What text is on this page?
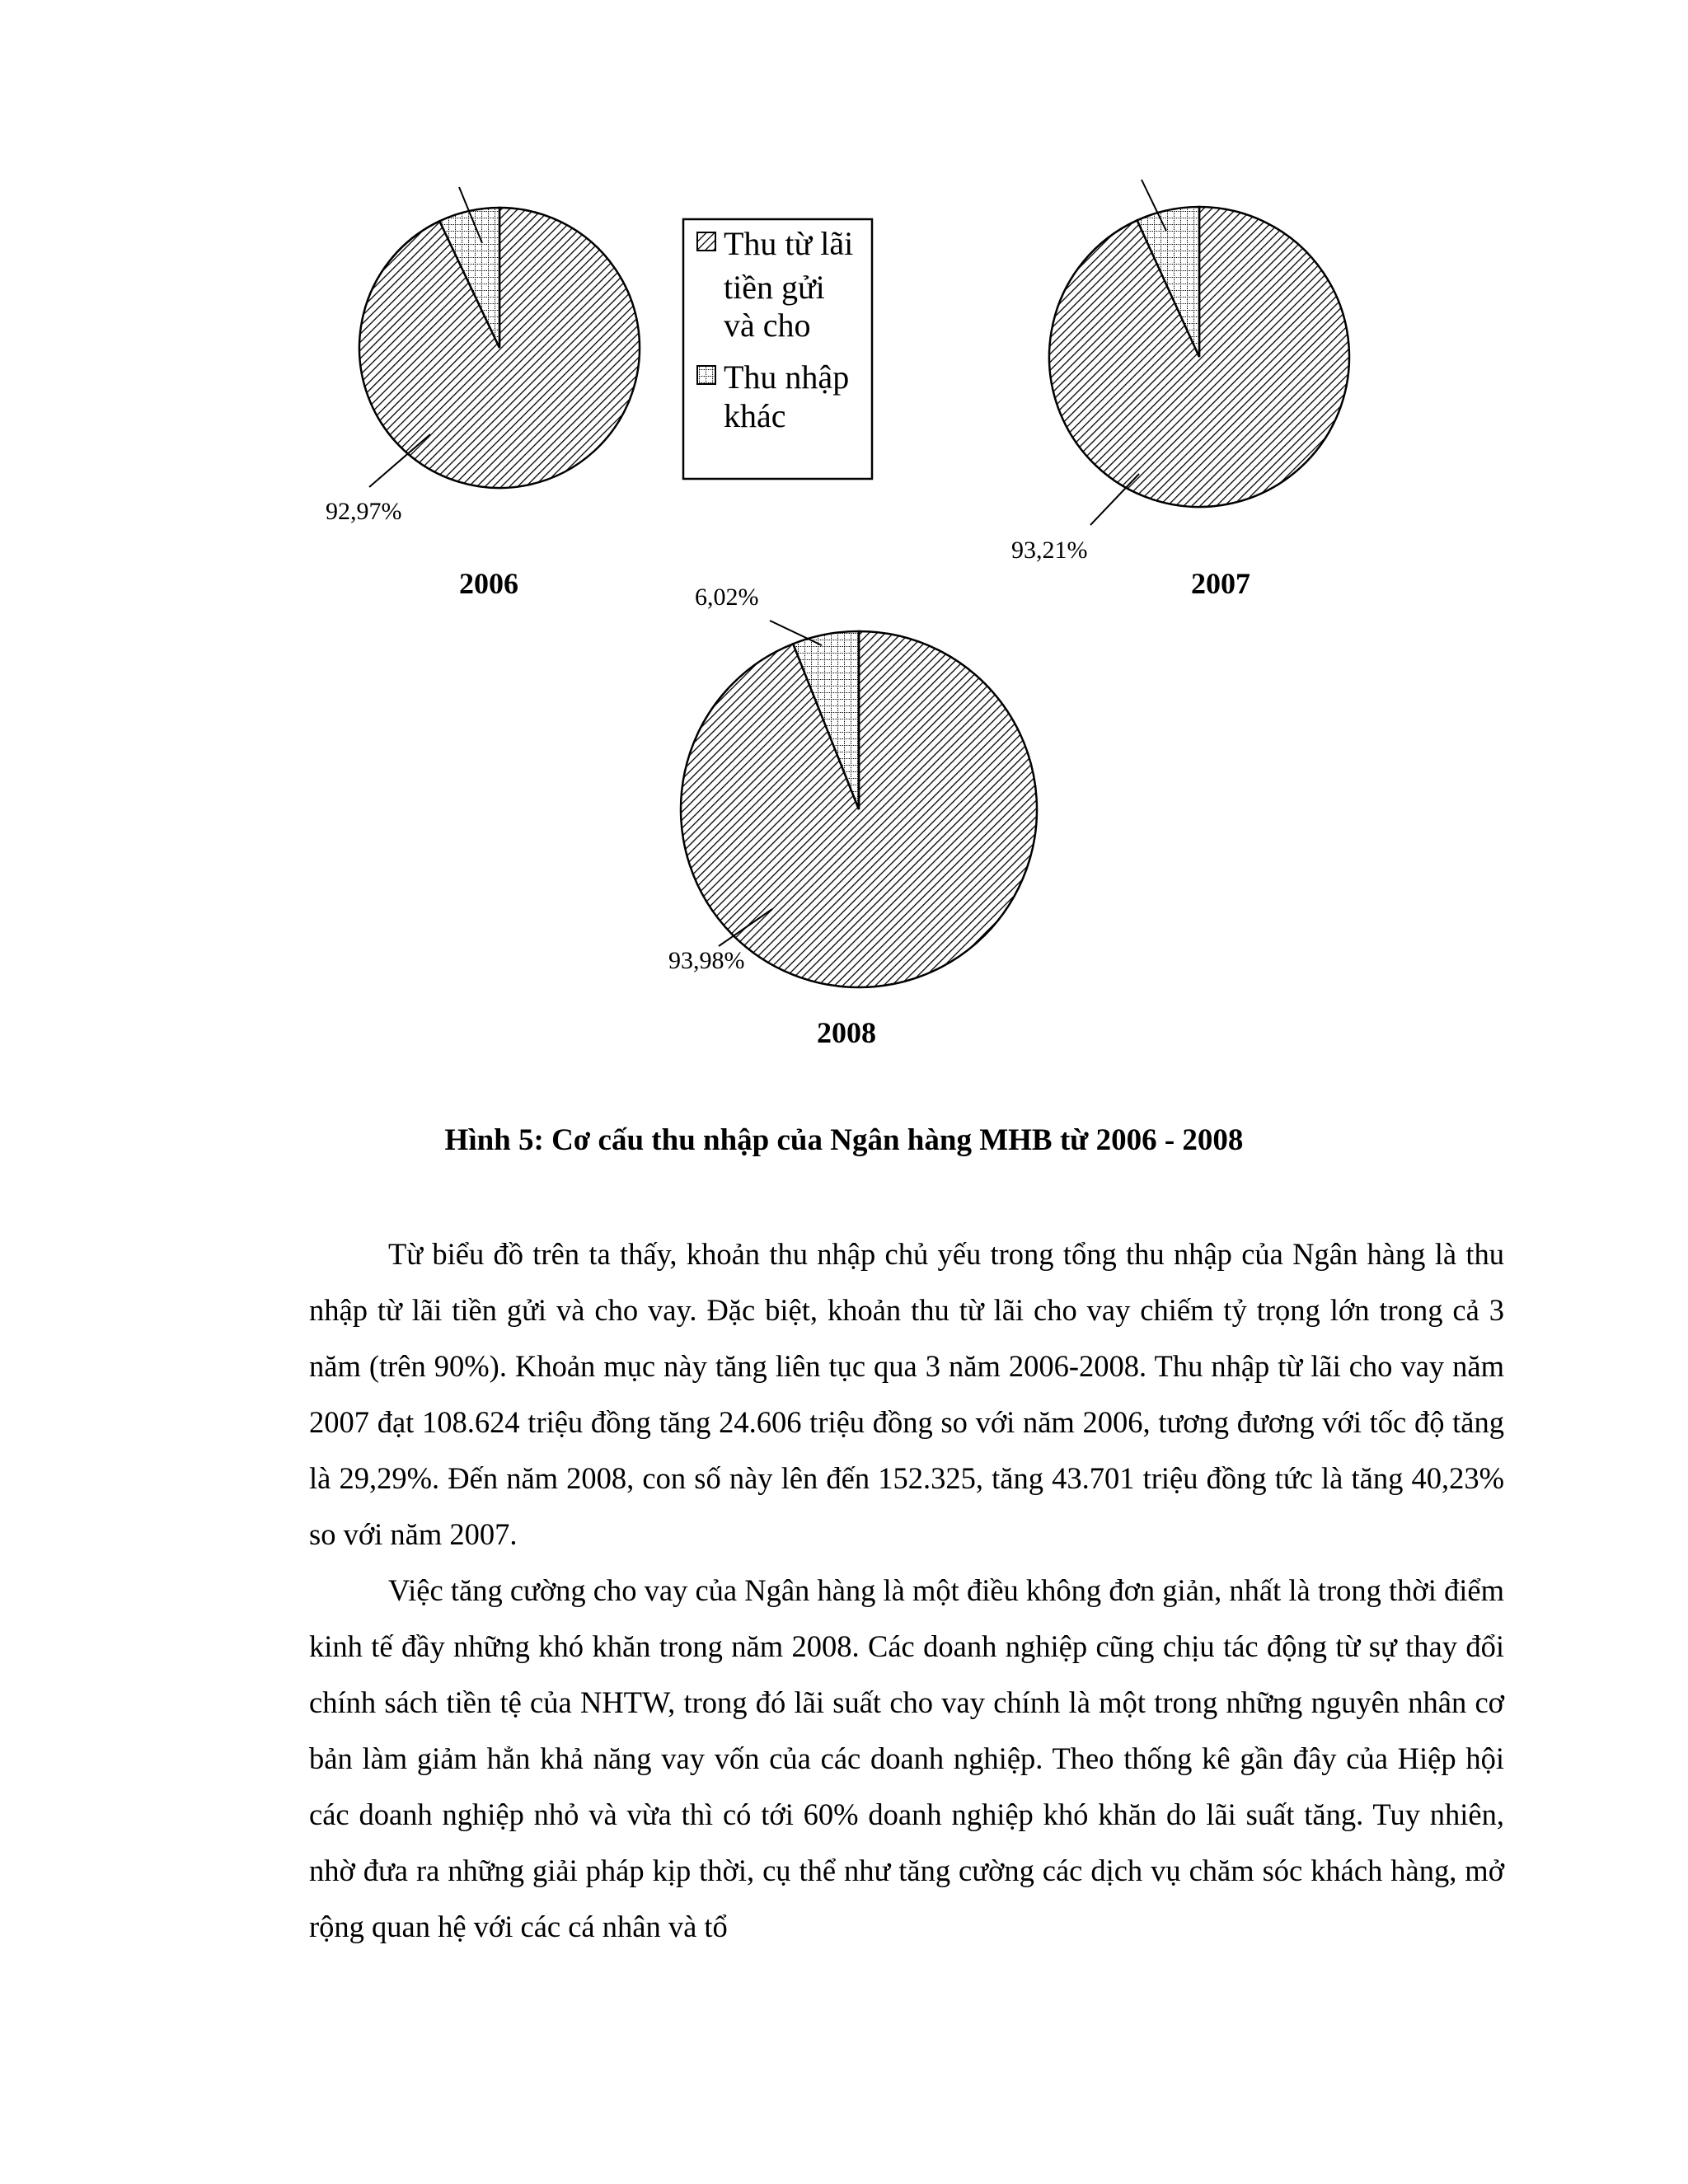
92,97%
2006
93,21%
2007
93,98%
6,02%
2008
Thu từ lãi
tiền gửi
và cho
Thu nhập
khác
Hình 5: Cơ cấu thu nhập của Ngân hàng MHB từ 2006 - 2008

Từ biểu đồ trên ta thấy, khoản thu nhập chủ yếu trong tổng thu nhập của Ngân hàng là thu nhập từ lãi tiền gửi và cho vay. Đặc biệt, khoản thu từ lãi cho vay chiếm tỷ trọng lớn trong cả 3 năm (trên 90%). Khoản mục này tăng liên tục qua 3 năm 2006-2008. Thu nhập từ lãi cho vay năm 2007 đạt 108.624 triệu đồng tăng 24.606 triệu đồng so với năm 2006, tương đương với tốc độ tăng là 29,29%. Đến năm 2008, con số này lên đến 152.325, tăng 43.701 triệu đồng tức là tăng 40,23% so với năm 2007.

Việc tăng cường cho vay của Ngân hàng là một điều không đơn giản, nhất là trong thời điểm kinh tế đầy những khó khăn trong năm 2008. Các doanh nghiệp cũng chịu tác động từ sự thay đổi chính sách tiền tệ của NHTW, trong đó lãi suất cho vay chính là một trong những nguyên nhân cơ bản làm giảm hẳn khả năng vay vốn của các doanh nghiệp. Theo thống kê gần đây của Hiệp hội các doanh nghiệp nhỏ và vừa thì có tới 60% doanh nghiệp khó khăn do lãi suất tăng. Tuy nhiên, nhờ đưa ra những giải pháp kịp thời, cụ thể như tăng cường các dịch vụ chăm sóc khách hàng, mở rộng quan hệ với các cá nhân và tổ
